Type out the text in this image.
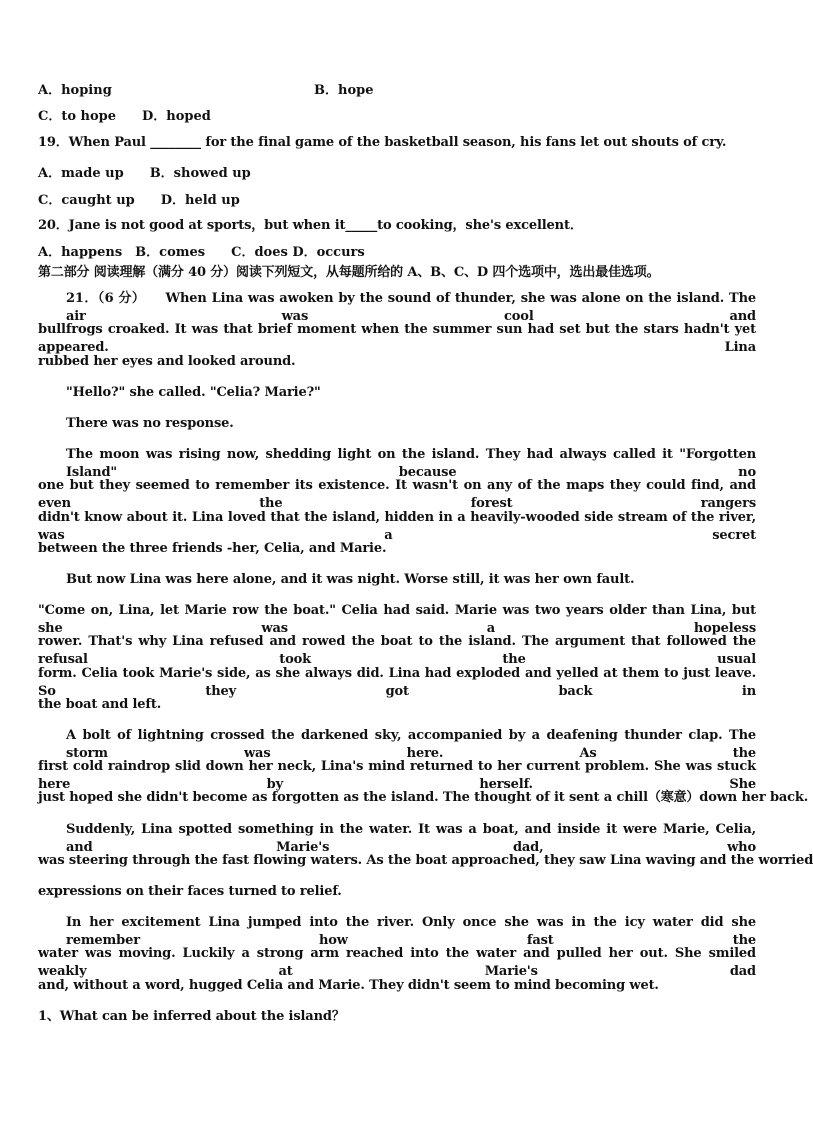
A．hoping	B．hope
C．to hope　　D．hoped
19．When Paul ________ for the final game of the basketball season, his fans let out shouts of cry.
A．made up　　B．showed up
C．caught up　　D．held up
20．Jane is not good at sports，but when it_____to cooking，she's excellent．
A．happens　B．comes　　C．does D．occurs
第二部分 阅读理解（满分 40 分）阅读下列短文，从每题所给的 A、B、C、D 四个选项中，选出最佳选项。
21．（6 分）　　When Lina was awoken by the sound of thunder, she was alone on the island. The air was cool and
bullfrogs croaked. It was that brief moment when the summer sun had set but the stars hadn't yet appeared. Lina
rubbed her eyes and looked around.
"Hello?" she called. "Celia? Marie?"
There was no response.
The moon was rising now, shedding light on the island. They had always called it "Forgotten Island" because no
one but they seemed to remember its existence. It wasn't on any of the maps they could find, and even the forest rangers
didn't know about it. Lina loved that the island, hidden in a heavily-wooded side stream of the river, was a secret
between the three friends -her, Celia, and Marie.
But now Lina was here alone, and it was night. Worse still, it was her own fault.
"Come on, Lina, let Marie row the boat." Celia had said. Marie was two years older than Lina, but she was a hopeless
rower. That's why Lina refused and rowed the boat to the island. The argument that followed the refusal took the usual
form. Celia took Marie's side, as she always did. Lina had exploded and yelled at them to just leave. So they got back in
the boat and left.
A bolt of lightning crossed the darkened sky, accompanied by a deafening thunder clap. The storm was here. As the
first cold raindrop slid down her neck, Lina's mind returned to her current problem. She was stuck here by herself. She
just hoped she didn't become as forgotten as the island. The thought of it sent a chill（寒意）down her back.
Suddenly, Lina spotted something in the water. It was a boat, and inside it were Marie, Celia, and Marie's dad, who
was steering through the fast flowing waters. As the boat approached, they saw Lina waving and the worried
expressions on their faces turned to relief.
In her excitement Lina jumped into the river. Only once she was in the icy water did she remember how fast the
water was moving. Luckily a strong arm reached into the water and pulled her out. She smiled weakly at Marie's dad
and, without a word, hugged Celia and Marie. They didn't seem to mind becoming wet.
1、What can be inferred about the island？
